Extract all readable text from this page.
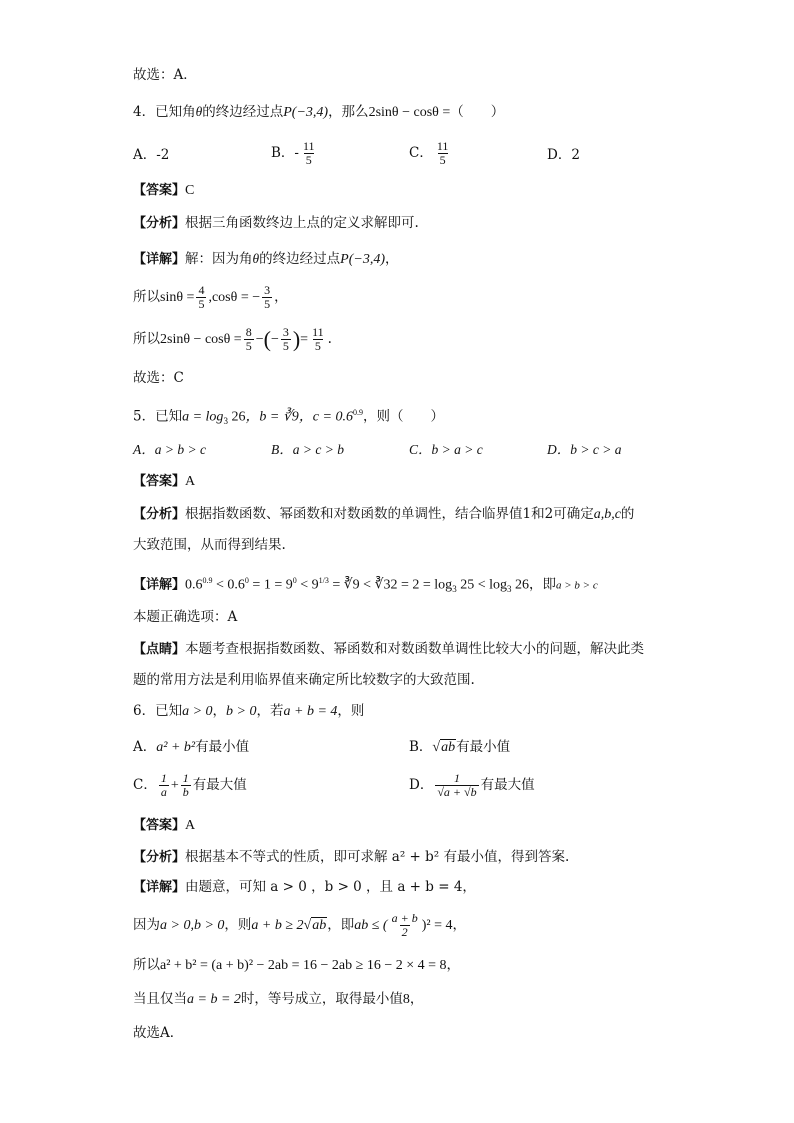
故选：A．
4．已知角θ的终边经过点P(−3,4)，那么2sinθ − cosθ =（　　）
A．-2	B．- $\frac{11}{5}$	C． $\frac{11}{5}$	D．2
【答案】C
【分析】根据三角函数终边上点的定义求解即可.
【详解】解：因为角θ的终边经过点P(−3,4)，
所以$\sin\theta = \frac{4}{5} ,\cos\theta$ = − $\frac{3}{5}$ ，
所以$2\sin\theta - \cos\theta = \frac{8}{5}$ −(− $\frac{3}{5}$ )= $\frac{11}{5}$ .
故选：C
5．已知$a = \log_3 26$，b = ∛9，$c = 0.6^{0.9}$，则（　　）
A．a > b > c	B．a > c > b	C．b > a > c	D．b > c > a
【答案】A
【分析】根据指数函数、幂函数和对数函数的单调性，结合临界值1和2可确定a,b,c的
大致范围，从而得到结果.
【详解】$0.6^{0.9} < 0.6^0 = 1 = 9^0 < 9^{1/3}$ = ∛9 < ∛32 = $2 = \log_3 25 < \log_3 26$，即a > b > c
本题正确选项：A
【点睛】本题考查根据指数函数、幂函数和对数函数单调性比较大小的问题，解决此类
题的常用方法是利用临界值来确定所比较数字的大致范围.
6．已知a > 0，b > 0，若a + b = 4，则
A．a² + b²有最小值	B．√ab有最小值
C． $\frac{1}{a} + \frac{1}{b}$ 有最大值	D． $\frac{1}{√a + √b}$ 有最大值
【答案】A
【分析】根据基本不等式的性质，即可求解 a² + b² 有最小值，得到答案.
【详解】由题意，可知 a > 0 ，b > 0 ，且 a + b = 4，
因为a > 0,b > 0，则a + b ≥ 2√ab，即ab ≤ ( $\frac{a + b}{2} )^2 = 4$，
所以a² + b² = (a + b)² − 2ab = 16 − 2ab ≥ 16 − 2 × 4 = 8，
当且仅当a = b = 2时，等号成立，取得最小值8，
故选A．
